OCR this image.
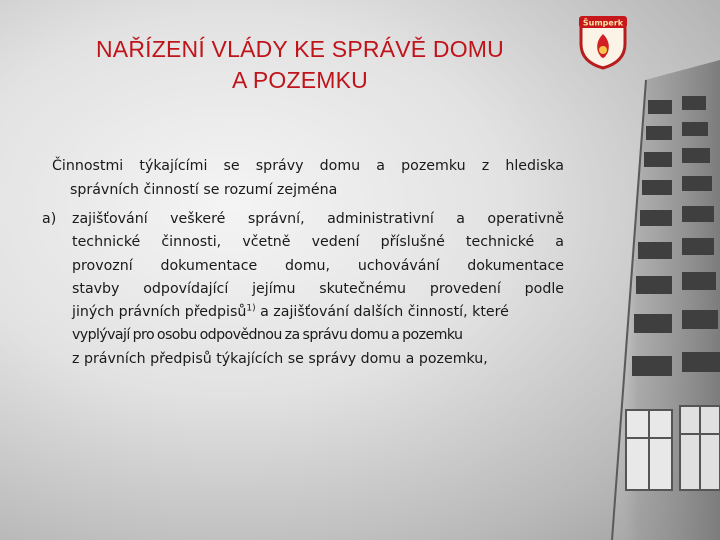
Šumperk
NAŘÍZENÍ VLÁDY KE SPRÁVĚ DOMU
A POZEMKU
Činnostmi týkajícími se správy domu a pozemku z hlediska
správních činností se rozumí zejména
a) zajišťování veškeré správní, administrativní a operativně
technické činnosti, včetně vedení příslušné technické a
provozní dokumentace domu, uchovávání dokumentace
stavby odpovídající jejímu skutečnému provedení podle
jiných právních předpisů$^{1)}$ a zajišťování dalších činností, které
vyplývají pro osobu odpovědnou za správu domu a pozemku
z právních předpisů týkajících se správy domu a pozemku,
